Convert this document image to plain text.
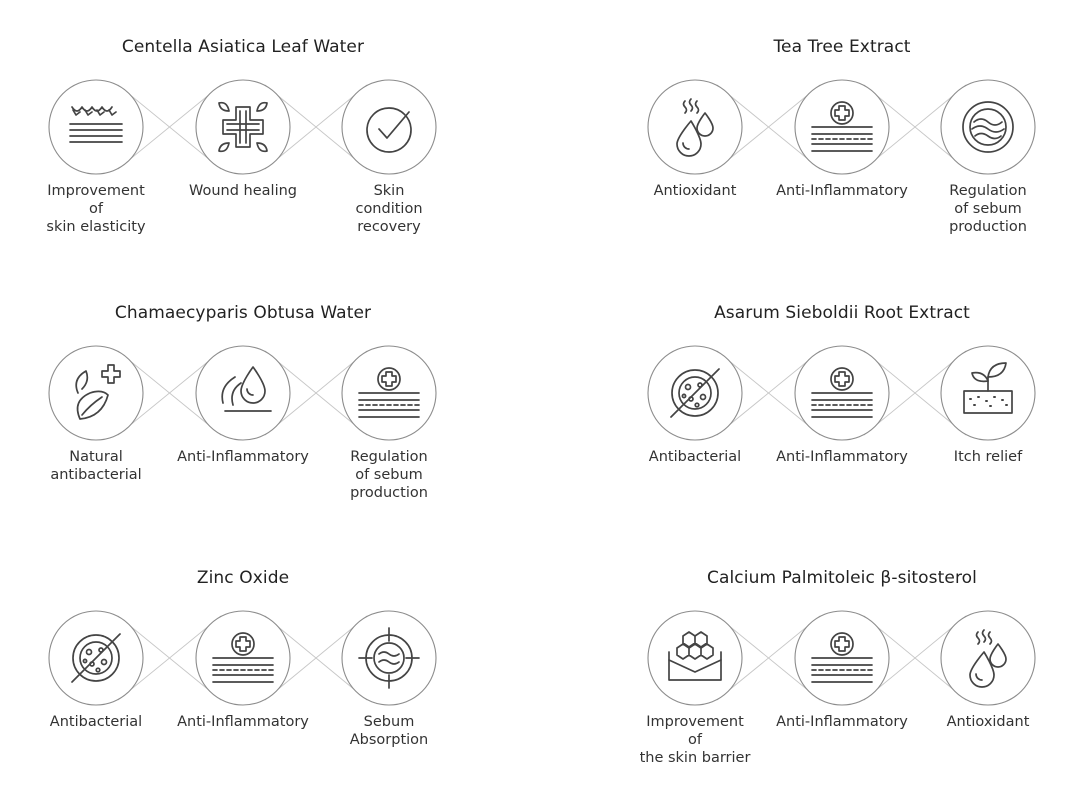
Centella Asiatica Leaf Water
Improvement
of
skin elasticity
Wound healing	Skin
condition
recovery
Tea Tree Extract
Antioxidant	Anti-Inflammatory	Regulation
of sebum
production
Chamaecyparis Obtusa Water
Natural
antibacterial
Anti-Inflammatory	Regulation
of sebum
production
Asarum Sieboldii Root Extract
Antibacterial	Anti-Inflammatory	Itch relief
Zinc Oxide
Antibacterial	Anti-Inflammatory	Sebum
Absorption
Calcium Palmitoleic β-sitosterol
Improvement
of
the skin barrier
Anti-Inflammatory	Antioxidant
